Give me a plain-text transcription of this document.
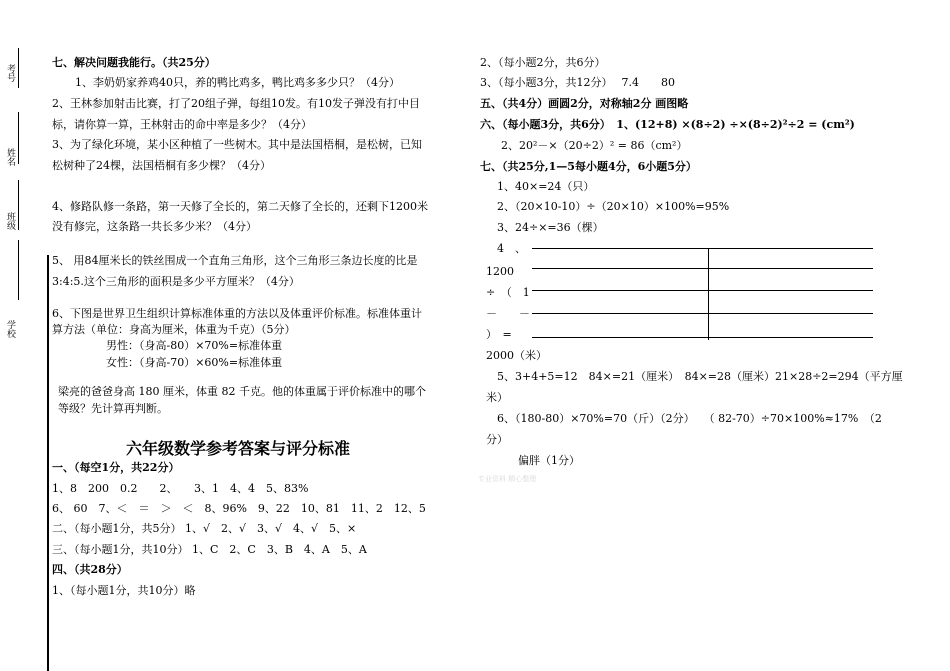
考号
姓名
班级
学校
七、解决问题我能行。（共25分）
1、李奶奶家养鸡40只，养的鸭比鸡多，鸭比鸡多多少只？（4分）
2、王林参加射击比赛，打了20组子弹，每组10发。有10发子弹没有打中目
标，请你算一算，王林射击的命中率是多少？（4分）
3、为了绿化环境，某小区种植了一些树木。其中是法国梧桐，是松树，已知
松树种了24棵，法国梧桐有多少棵？（4分）
4、修路队修一条路，第一天修了全长的，第二天修了全长的，还剩下1200米
没有修完，这条路一共长多少米？（4分）
5、 用84厘米长的铁丝围成一个直角三角形，这个三角形三条边长度的比是
3:4:5.这个三角形的面积是多少平方厘米？（4分）
6、下图是世界卫生组织计算标准体重的方法以及体重评价标准。标准体重计
算方法（单位：身高为厘米，体重为千克）（5分）
男性：（身高-80）×70%=标准体重
女性：（身高-70）×60%=标准体重
梁亮的爸爸身高 180 厘米，体重 82 千克。他的体重属于评价标准中的哪个
等级？先计算再判断。
六年级数学参考答案与评分标准
一、（每空1分，共22分）
1、8　200　0.2　　2、　　3、1　4、4　5、83%
6、 60　7、＜　＝　＞　＜　8、96%　9、22　10、81　11、2　12、5
二、（每小题1分，共5分） 1、√　2、√　3、√　4、√　5、×
三、（每小题1分，共10分） 1、C　2、C　3、B　4、A　5、A
四、（共28分）
1、（每小题1分，共10分）略
2、（每小题2分，共6分）
3、（每小题3分，共12分）　 7.4　　80
五、（共4分）画圆2分，对称轴2分 画图略
六、（每小题3分，共6分）　1、(12+8) ×(8÷2) ÷×(8÷2)²÷2 = (cm²)
2、20²－×（20÷2）² = 86（cm²）
七、（共25分,1—5每小题4分，6小题5分）
1、40×=24（只）
2、（20×10-10）÷（20×10）×100%=95%
3、24÷×=36（棵）
4　、
1200
÷　（　1
－　　－
）　=
2000（米）
5、3+4+5=12　84×=21（厘米）　84×=28（厘米）21×28÷2=294（平方厘
米）
6、（180-80）×70%=70（斤）（2分）　 （ 82-70）÷70×100%≈17%　（2
分）
偏胖（1分）
专业资料 精心整理
